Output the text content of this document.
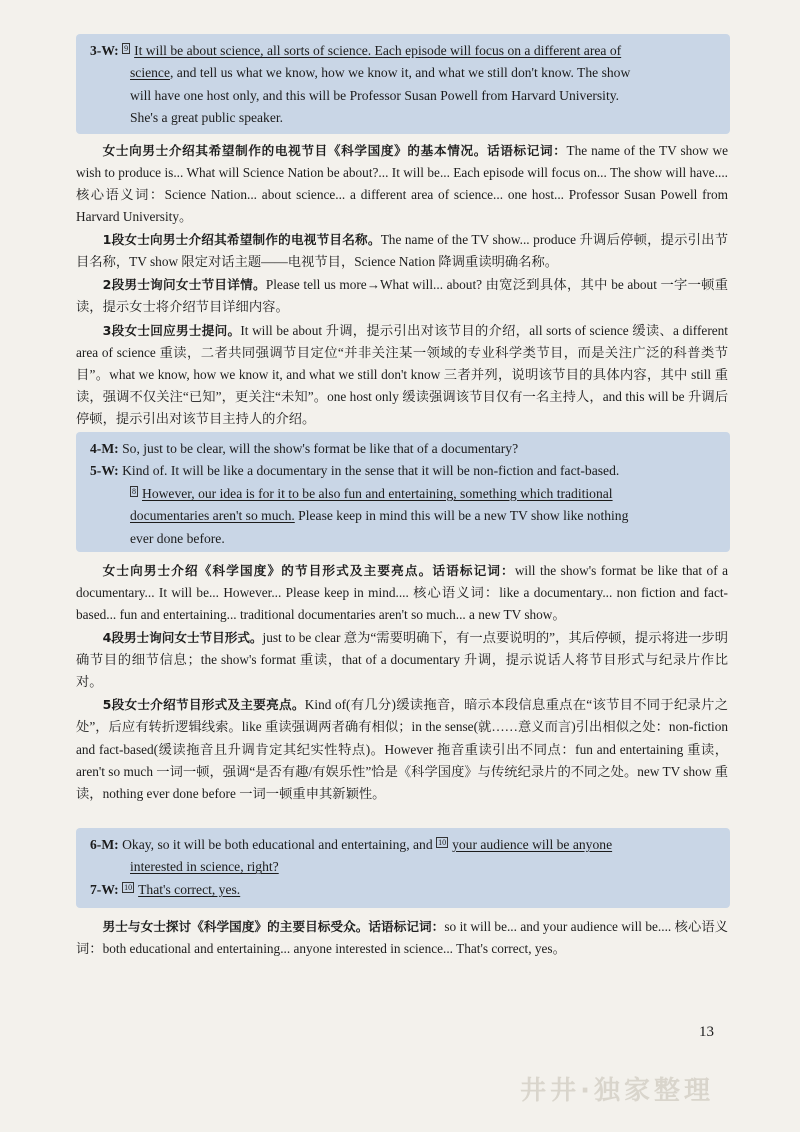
3-W: 9 It will be about science, all sorts of science. Each episode will focus on a different area of

science, and tell us what we know, how we know it, and what we still don't know. The show

will have one host only, and this will be Professor Susan Powell from Harvard University.

She's a great public speaker.

女士向男士介绍其希望制作的电视节目《科学国度》的基本情况。话语标记词：The name of the TV show we wish to produce is... What will Science Nation be about?... It will be... Each episode will focus on... The show will have.... 核心语义词：Science Nation... about science... a different area of science... one host... Professor Susan Powell from Harvard University。

1段女士向男士介绍其希望制作的电视节目名称。The name of the TV show... produce 升调后停顿，提示引出节目名称，TV show 限定对话主题——电视节目，Science Nation 降调重读明确名称。

2段男士询问女士节目详情。Please tell us more→What will... about? 由宽泛到具体，其中 be about 一字一顿重读，提示女士将介绍节目详细内容。

3段女士回应男士提问。It will be about 升调，提示引出对该节目的介绍，all sorts of science 缓读、a different area of science 重读，二者共同强调节目定位“并非关注某一领域的专业科学类节目，而是关注广泛的科普类节目”。what we know, how we know it, and what we still don't know 三者并列，说明该节目的具体内容，其中 still 重读，强调不仅关注“已知”，更关注“未知”。one host only 缓读强调该节目仅有一名主持人，and this will be 升调后停顿，提示引出对该节目主持人的介绍。

4-M: So, just to be clear, will the show's format be like that of a documentary?

5-W: Kind of. It will be like a documentary in the sense that it will be non-fiction and fact-based.

8 However, our idea is for it to be also fun and entertaining, something which traditional

documentaries aren't so much. Please keep in mind this will be a new TV show like nothing

ever done before.

女士向男士介绍《科学国度》的节目形式及主要亮点。话语标记词：will the show's format be like that of a documentary... It will be... However... Please keep in mind.... 核心语义词：like a documentary... non fiction and fact-based... fun and entertaining... traditional documentaries aren't so much... a new TV show。

4段男士询问女士节目形式。just to be clear 意为“需要明确下，有一点要说明的”，其后停顿，提示将进一步明确节目的细节信息；the show's format 重读，that of a documentary 升调，提示说话人将节目形式与纪录片作比对。

5段女士介绍节目形式及主要亮点。Kind of(有几分)缓读拖音，暗示本段信息重点在“该节目不同于纪录片之处”，后应有转折逻辑线索。like 重读强调两者确有相似；in the sense(就……意义而言)引出相似之处：non-fiction and fact-based(缓读拖音且升调肯定其纪实性特点)。However 拖音重读引出不同点：fun and entertaining 重读，aren't so much 一词一顿，强调“是否有趣/有娱乐性”恰是《科学国度》与传统纪录片的不同之处。new TV show 重读，nothing ever done before 一词一顿重申其新颖性。

6-M: Okay, so it will be both educational and entertaining, and 10 your audience will be anyone

interested in science, right?

7-W: 10 That's correct, yes.

男士与女士探讨《科学国度》的主要目标受众。话语标记词：so it will be... and your audience will be.... 核心语义词：both educational and entertaining... anyone interested in science... That's correct, yes。

13
井井·独家整理
